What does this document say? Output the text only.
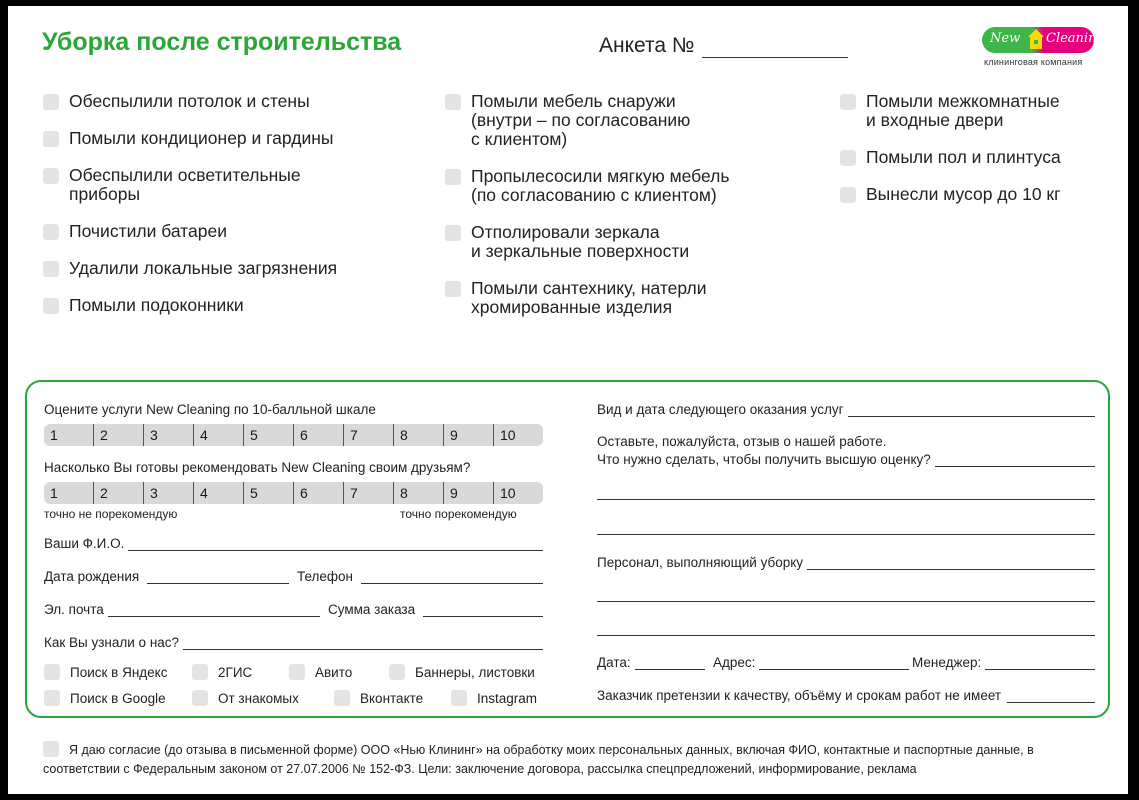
Уборка после строительства	Анкета №	New Cleaning
клининговая компания
Обеспылили потолок и стены
Помыли кондиционер и гардины
Обеспылили осветительные
приборы
Почистили батареи
Удалили локальные загрязнения
Помыли подоконники
Помыли мебель снаружи
(внутри – по согласованию
с клиентом)
Пропылесосили мягкую мебель
(по согласованию с клиентом)
Отполировали зеркала
и зеркальные поверхности
Помыли сантехнику, натерли
хромированные изделия
Помыли межкомнатные
и входные двери
Помыли пол и плинтуса
Вынесли мусор до 10 кг
Оцените услуги New Cleaning по 10-балльной шкале
1	2	3	4	5	6	7	8	9	10
Насколько Вы готовы рекомендовать New Cleaning своим друзьям?
1	2	3	4	5	6	7	8	9	10
точно не порекомендую	точно порекомендую
Ваши Ф.И.О.
Дата рождения	Телефон
Эл. почта	Сумма заказа
Как Вы узнали о нас?
Поиск в Яндекс	2ГИС	Авито	Баннеры, листовки
Поиск в Google	От знакомых	Вконтакте	Instagram
Вид и дата следующего оказания услуг
Оставьте, пожалуйста, отзыв о нашей работе.
Что нужно сделать, чтобы получить высшую оценку?
Персонал, выполняющий уборку
Дата:	Адрес:	Менеджер:
Заказчик претензии к качеству, объёму и срокам работ не имеет
Я даю согласие (до отзыва в письменной форме) ООО «Нью Клининг» на обработку моих персональных данных, включая ФИО, контактные и паспортные данные, в соответствии с Федеральным законом от 27.07.2006 № 152-ФЗ. Цели: заключение договора, рассылка спецпредложений, информирование, реклама
